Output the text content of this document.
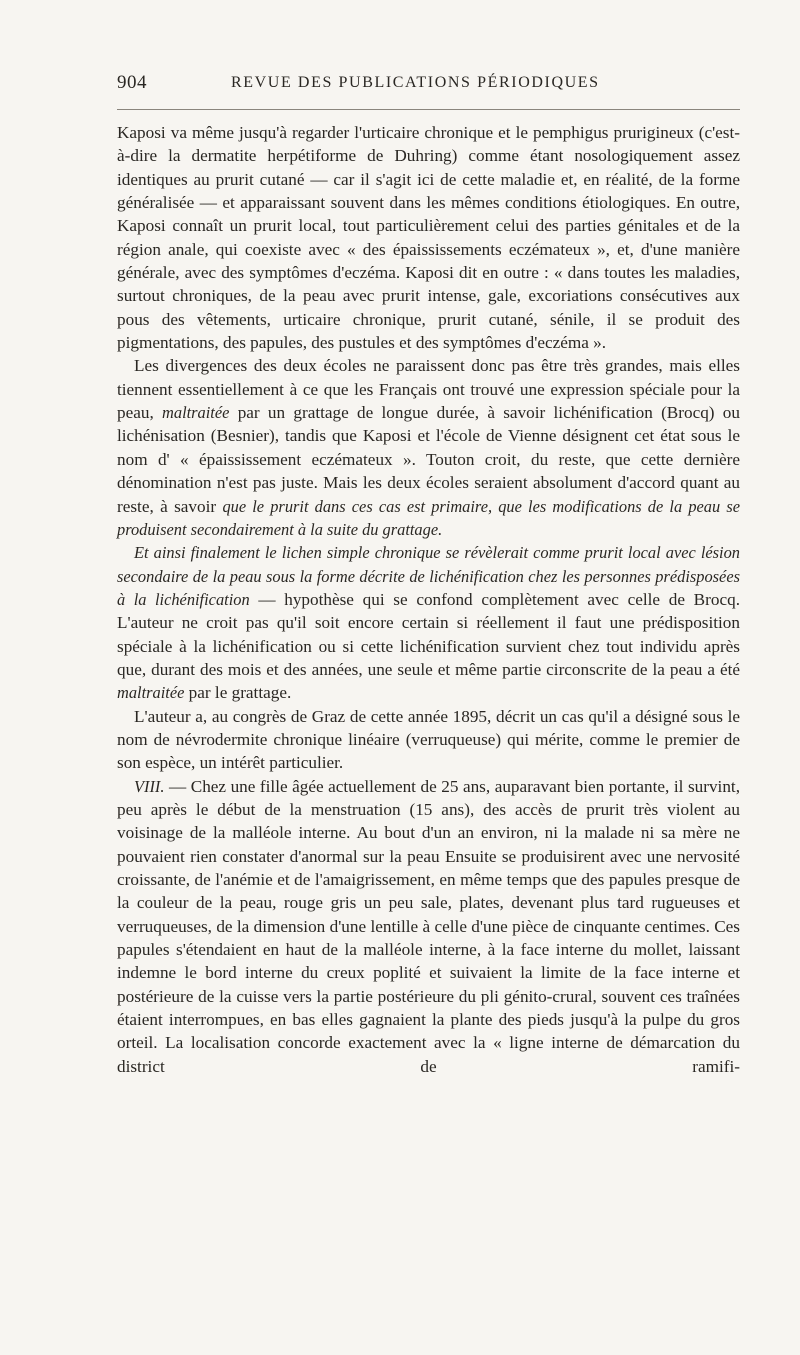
904	REVUE DES PUBLICATIONS PÉRIODIQUES

Kaposi va même jusqu'à regarder l'urticaire chronique et le pemphigus prurigineux (c'est-à-dire la dermatite herpétiforme de Duhring) comme étant nosologiquement assez identiques au prurit cutané — car il s'agit ici de cette maladie et, en réalité, de la forme généralisée — et apparaissant souvent dans les mêmes conditions étiologiques. En outre, Kaposi connaît un prurit local, tout particulièrement celui des parties génitales et de la région anale, qui coexiste avec « des épaississements eczémateux », et, d'une manière générale, avec des symptômes d'eczéma. Kaposi dit en outre : « dans toutes les maladies, surtout chroniques, de la peau avec prurit intense, gale, excoriations consécutives aux pous des vêtements, urticaire chronique, prurit cutané, sénile, il se produit des pigmentations, des papules, des pustules et des symptômes d'eczéma ».

Les divergences des deux écoles ne paraissent donc pas être très grandes, mais elles tiennent essentiellement à ce que les Français ont trouvé une expression spéciale pour la peau, maltraitée par un grattage de longue durée, à savoir lichénification (Brocq) ou lichénisation (Besnier), tandis que Kaposi et l'école de Vienne désignent cet état sous le nom d' « épaississement eczémateux ». Touton croit, du reste, que cette dernière dénomination n'est pas juste. Mais les deux écoles seraient absolument d'accord quant au reste, à savoir que le prurit dans ces cas est primaire, que les modifications de la peau se produisent secondairement à la suite du grattage.

Et ainsi finalement le lichen simple chronique se révèlerait comme prurit local avec lésion secondaire de la peau sous la forme décrite de lichénification chez les personnes prédisposées à la lichénification — hypothèse qui se confond complètement avec celle de Brocq. L'auteur ne croit pas qu'il soit encore certain si réellement il faut une prédisposition spéciale à la lichénification ou si cette lichénification survient chez tout individu après que, durant des mois et des années, une seule et même partie circonscrite de la peau a été maltraitée par le grattage.

L'auteur a, au congrès de Graz de cette année 1895, décrit un cas qu'il a désigné sous le nom de névrodermite chronique linéaire (verruqueuse) qui mérite, comme le premier de son espèce, un intérêt particulier.

VIII. — Chez une fille âgée actuellement de 25 ans, auparavant bien portante, il survint, peu après le début de la menstruation (15 ans), des accès de prurit très violent au voisinage de la malléole interne. Au bout d'un an environ, ni la malade ni sa mère ne pouvaient rien constater d'anormal sur la peau Ensuite se produisirent avec une nervosité croissante, de l'anémie et de l'amaigrissement, en même temps que des papules presque de la couleur de la peau, rouge gris un peu sale, plates, devenant plus tard rugueuses et verruqueuses, de la dimension d'une lentille à celle d'une pièce de cinquante centimes. Ces papules s'étendaient en haut de la malléole interne, à la face interne du mollet, laissant indemne le bord interne du creux poplité et suivaient la limite de la face interne et postérieure de la cuisse vers la partie postérieure du pli génito-crural, souvent ces traînées étaient interrompues, en bas elles gagnaient la plante des pieds jusqu'à la pulpe du gros orteil. La localisation concorde exactement avec la « ligne interne de démarcation du district de ramifi-
